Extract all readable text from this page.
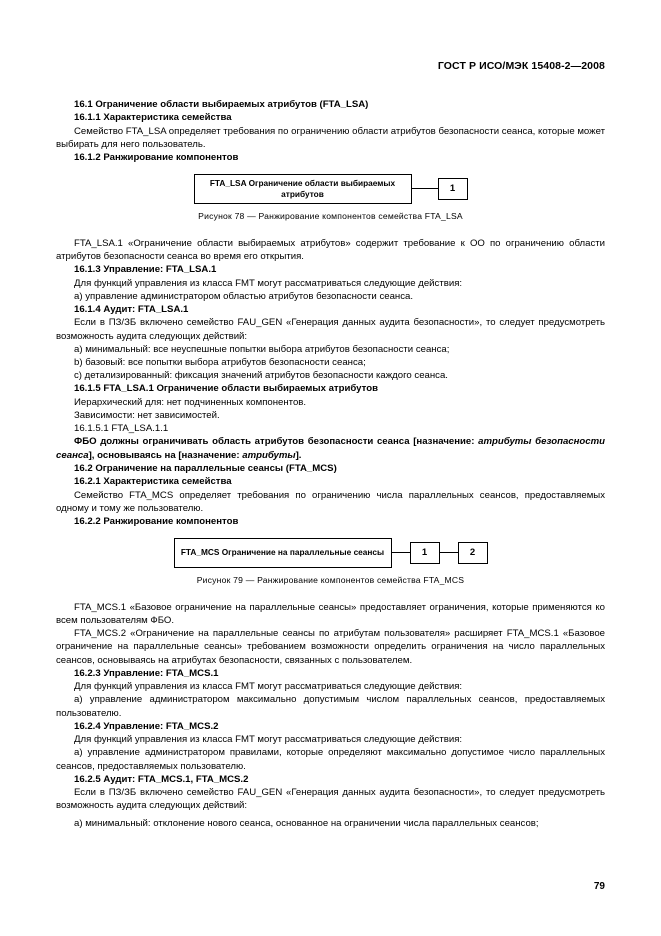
ГОСТ Р ИСО/МЭК 15408-2—2008

16.1 Ограничение области выбираемых атрибутов (FTA_LSA)

16.1.1 Характеристика семейства

Семейство FTA_LSA определяет требования по ограничению области атрибутов безопасности сеанса, которые может выбирать для него пользователь.

16.1.2 Ранжирование компонентов

FTA_LSA Ограничение области выбираемых атрибутов	1

Рисунок 78 — Ранжирование компонентов семейства FTA_LSA

FTA_LSA.1 «Ограничение области выбираемых атрибутов» содержит требование к ОО по ограничению области атрибутов безопасности сеанса во время его открытия.

16.1.3 Управление: FTA_LSA.1

Для функций управления из класса FMT могут рассматриваться следующие действия:

а) управление администратором областью атрибутов безопасности сеанса.

16.1.4 Аудит: FTA_LSA.1

Если в ПЗ/ЗБ включено семейство FAU_GEN «Генерация данных аудита безопасности», то следует предусмотреть возможность аудита следующих действий:

а) минимальный: все неуспешные попытки выбора атрибутов безопасности сеанса;

b) базовый: все попытки выбора атрибутов безопасности сеанса;

с) детализированный: фиксация значений атрибутов безопасности каждого сеанса.

16.1.5 FTA_LSA.1 Ограничение области выбираемых атрибутов

Иерархический для: нет подчиненных компонентов.

Зависимости: нет зависимостей.

16.1.5.1 FTA_LSA.1.1

ФБО должны ограничивать область атрибутов безопасности сеанса [назначение: атрибуты безопасности сеанса], основываясь на [назначение: атрибуты].

16.2 Ограничение на параллельные сеансы (FTA_MCS)

16.2.1 Характеристика семейства

Семейство FTA_MCS определяет требования по ограничению числа параллельных сеансов, предоставляемых одному и тому же пользователю.

16.2.2 Ранжирование компонентов

FTA_MCS Ограничение на параллельные сеансы	1	2

Рисунок 79 — Ранжирование компонентов семейства FTA_MCS

FTA_MCS.1 «Базовое ограничение на параллельные сеансы» предоставляет ограничения, которые применяются ко всем пользователям ФБО.

FTA_MCS.2 «Ограничение на параллельные сеансы по атрибутам пользователя» расширяет FTA_MCS.1 «Базовое ограничение на параллельные сеансы» требованием возможности определить ограничения на число параллельных сеансов, основываясь на атрибутах безопасности, связанных с пользователем.

16.2.3 Управление: FTA_MCS.1

Для функций управления из класса FMT могут рассматриваться следующие действия:

а) управление администратором максимально допустимым числом параллельных сеансов, предоставляемых пользователю.

16.2.4 Управление: FTA_MCS.2

Для функций управления из класса FMT могут рассматриваться следующие действия:

а) управление администратором правилами, которые определяют максимально допустимое число параллельных сеансов, предоставляемых пользователю.

16.2.5 Аудит: FTA_MCS.1, FTA_MCS.2

Если в ПЗ/ЗБ включено семейство FAU_GEN «Генерация данных аудита безопасности», то следует предусмотреть возможность аудита следующих действий:

а) минимальный: отклонение нового сеанса, основанное на ограничении числа параллельных сеансов;

79
